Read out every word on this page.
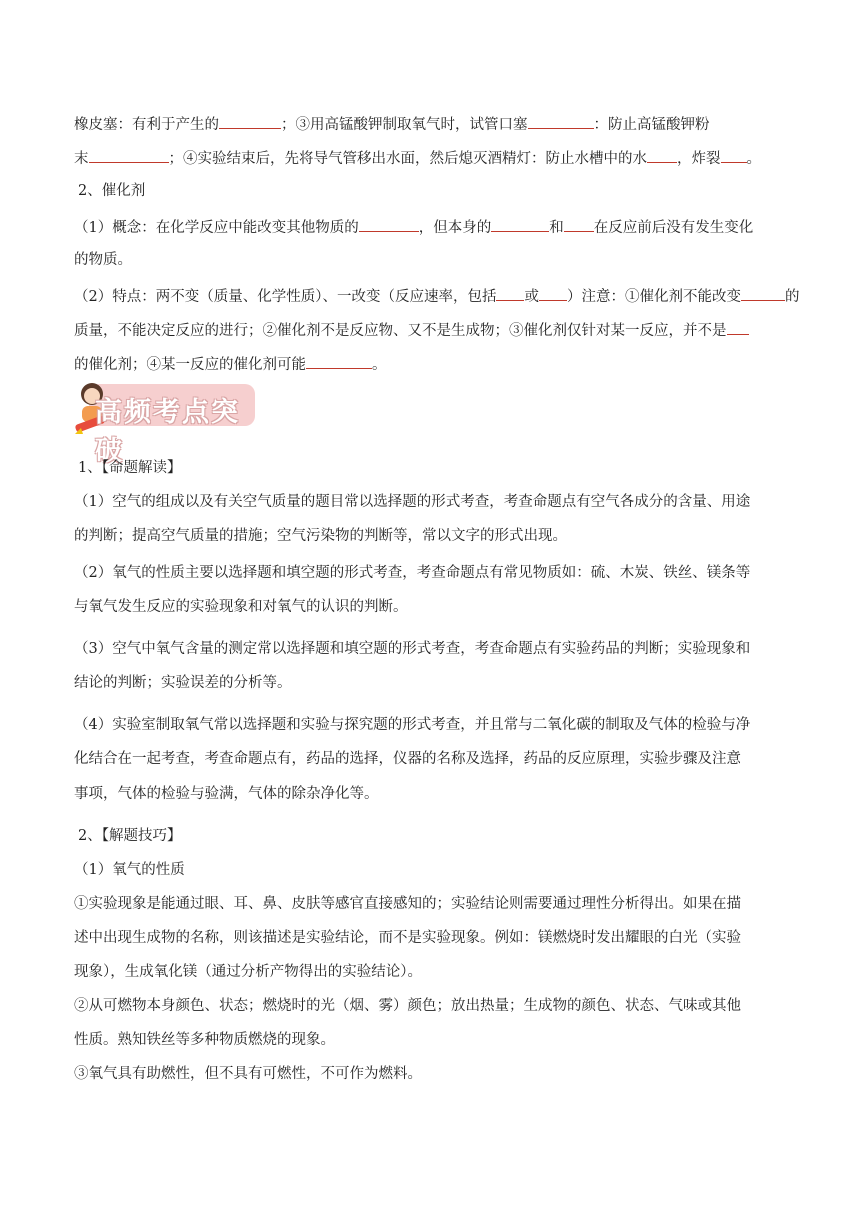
橡皮塞：有利于产生的	；③用高锰酸钾制取氧气时，试管口塞	：防止高锰酸钾粉
末	；④实验结束后，先将导气管移出水面，然后熄灭酒精灯：防止水槽中的水 ，炸裂 。
2、催化剂
（1）概念：在化学反应中能改变其他物质的	，但本身的	和 在反应前后没有发生变化
的物质。
（2）特点：两不变（质量、化学性质）、一改变（反应速率，包括 或 ）注意：①催化剂不能改变	的
质量，不能决定反应的进行；②催化剂不是反应物、又不是生成物；③催化剂仅针对某一反应，并不是
的催化剂；④某一反应的催化剂可能	。
高频考点突破
1、【命题解读】
（1）空气的组成以及有关空气质量的题目常以选择题的形式考查，考查命题点有空气各成分的含量、用途
的判断；提高空气质量的措施；空气污染物的判断等，常以文字的形式出现。
（2）氧气的性质主要以选择题和填空题的形式考查，考查命题点有常见物质如：硫、木炭、铁丝、镁条等
与氧气发生反应的实验现象和对氧气的认识的判断。
（3）空气中氧气含量的测定常以选择题和填空题的形式考查，考查命题点有实验药品的判断；实验现象和
结论的判断；实验误差的分析等。
（4）实验室制取氧气常以选择题和实验与探究题的形式考查，并且常与二氧化碳的制取及气体的检验与净
化结合在一起考查，考查命题点有，药品的选择，仪器的名称及选择，药品的反应原理，实验步骤及注意
事项，气体的检验与验满，气体的除杂净化等。
2、【解题技巧】
（1）氧气的性质
①实验现象是能通过眼、耳、鼻、皮肤等感官直接感知的；实验结论则需要通过理性分析得出。如果在描
述中出现生成物的名称，则该描述是实验结论，而不是实验现象。例如：镁燃烧时发出耀眼的白光（实验
现象），生成氧化镁（通过分析产物得出的实验结论）。
②从可燃物本身颜色、状态；燃烧时的光（烟、雾）颜色；放出热量；生成物的颜色、状态、气味或其他
性质。熟知铁丝等多种物质燃烧的现象。
③氧气具有助燃性，但不具有可燃性，不可作为燃料。
